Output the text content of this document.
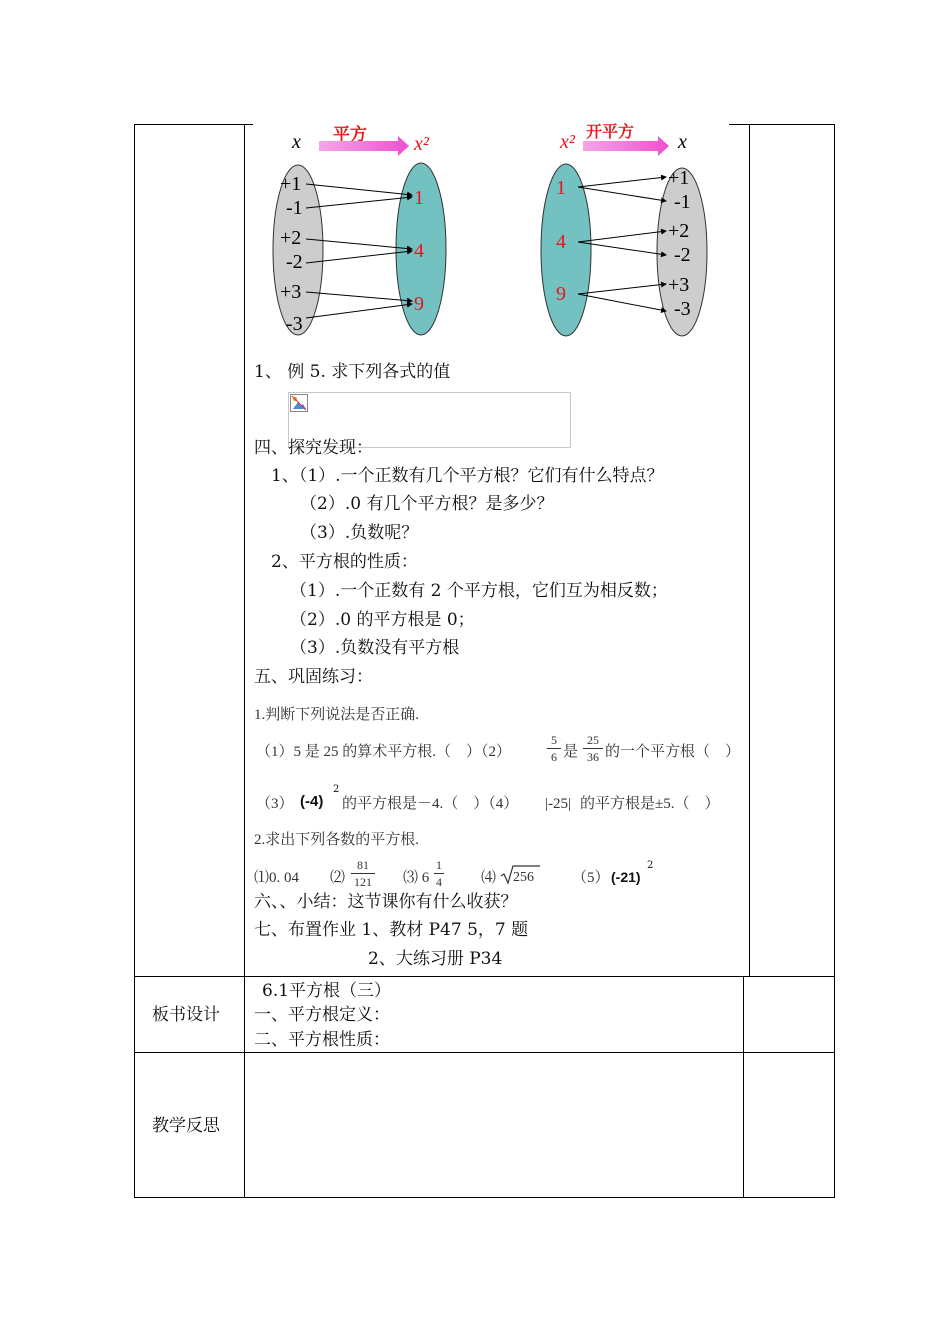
x 平方 x²
+1
-1
+2
-2
+3
-3
1
4
9
x² 开平方 x
1
4
9
+1
-1
+2
-2
+3
-3
1、 例 5. 求下列各式的值
四、探究发现：
1、（1）.一个正数有几个平方根？它们有什么特点？
（2）.0 有几个平方根？是多少？
（3）.负数呢？
2、平方根的性质：
（1）.一个正数有 2 个平方根，它们互为相反数；
（2）.0 的平方根是 0；
（3）.负数没有平方根
五、巩固练习：
1.判断下列说法是否正确.
（1）5 是 25 的算术平方根.（　）（2）
5
6 是
25
36 的一个平方根（　）
（3） (-4)
2
的平方根是－4.（　）（4） |-25| 的平方根是±5.（　）
2.求出下列各数的平方根.
⑴0. 04 ⑵
81
121 ⑶ 6
1
4	⑷ 256	（5） (-21)
2
六、、小结：这节课你有什么收获？
七、布置作业 1、教材 P47 5，7 题
2、大练习册 P34
板书设计
6.1平方根（三）
一、平方根定义：
二、平方根性质：
教学反思
